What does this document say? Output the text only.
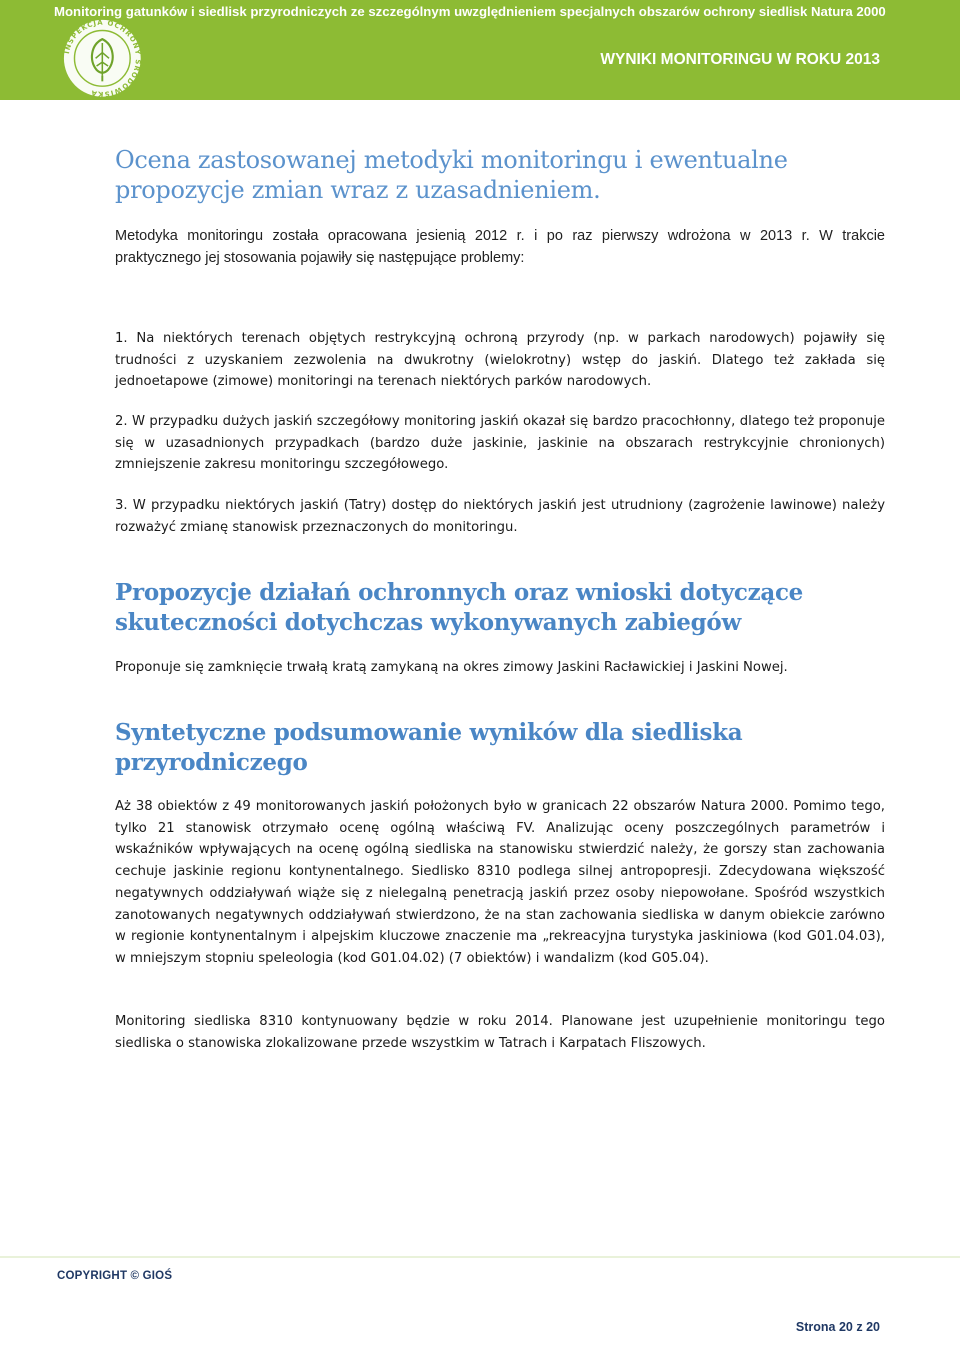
Monitoring gatunków i siedlisk przyrodniczych ze szczególnym uwzględnieniem specjalnych obszarów ochrony siedlisk Natura 2000
WYNIKI MONITORINGU W ROKU 2013
INSPEKCJA OCHRONY ŚRODOWISKA
Ocena zastosowanej metodyki monitoringu i ewentualne propozycje zmian wraz z uzasadnieniem.

Metodyka monitoringu została opracowana jesienią 2012 r. i po raz pierwszy wdrożona w 2013 r. W trakcie praktycznego jej stosowania pojawiły się następujące problemy:

1. Na niektórych terenach objętych restrykcyjną ochroną przyrody (np. w parkach narodowych) pojawiły się trudności z uzyskaniem zezwolenia na dwukrotny (wielokrotny) wstęp do jaskiń. Dlatego też zakłada się jednoetapowe (zimowe) monitoringi na terenach niektórych parków narodowych.

2. W przypadku dużych jaskiń szczegółowy monitoring jaskiń okazał się bardzo pracochłonny, dlatego też proponuje się w uzasadnionych przypadkach (bardzo duże jaskinie, jaskinie na obszarach restrykcyjnie chronionych) zmniejszenie zakresu monitoringu szczegółowego.

3. W przypadku niektórych jaskiń (Tatry) dostęp do niektórych jaskiń jest utrudniony (zagrożenie lawinowe) należy rozważyć zmianę stanowisk przeznaczonych do monitoringu.

Propozycje działań ochronnych oraz wnioski dotyczące skuteczności dotychczas wykonywanych zabiegów

Proponuje się zamknięcie trwałą kratą zamykaną na okres zimowy Jaskini Racławickiej i Jaskini Nowej.

Syntetyczne podsumowanie wyników dla siedliska przyrodniczego

Aż 38 obiektów z 49 monitorowanych jaskiń położonych było w granicach 22 obszarów Natura 2000. Pomimo tego, tylko 21 stanowisk otrzymało ocenę ogólną właściwą FV. Analizując oceny poszczególnych parametrów i wskaźników wpływających na ocenę ogólną siedliska na stanowisku stwierdzić należy, że gorszy stan zachowania cechuje jaskinie regionu kontynentalnego. Siedlisko 8310 podlega silnej antropopresji. Zdecydowana większość negatywnych oddziaływań wiąże się z nielegalną penetracją jaskiń przez osoby niepowołane. Spośród wszystkich zanotowanych negatywnych oddziaływań stwierdzono, że na stan zachowania siedliska w danym obiekcie zarówno w regionie kontynentalnym i alpejskim kluczowe znaczenie ma „rekreacyjna turystyka jaskiniowa (kod G01.04.03), w mniejszym stopniu speleologia (kod G01.04.02) (7 obiektów) i wandalizm (kod G05.04).

Monitoring siedliska 8310 kontynuowany będzie w roku 2014. Planowane jest uzupełnienie monitoringu tego siedliska o stanowiska zlokalizowane przede wszystkim w Tatrach i Karpatach Fliszowych.

COPYRIGHT © GIOŚ
Strona 20 z 20
